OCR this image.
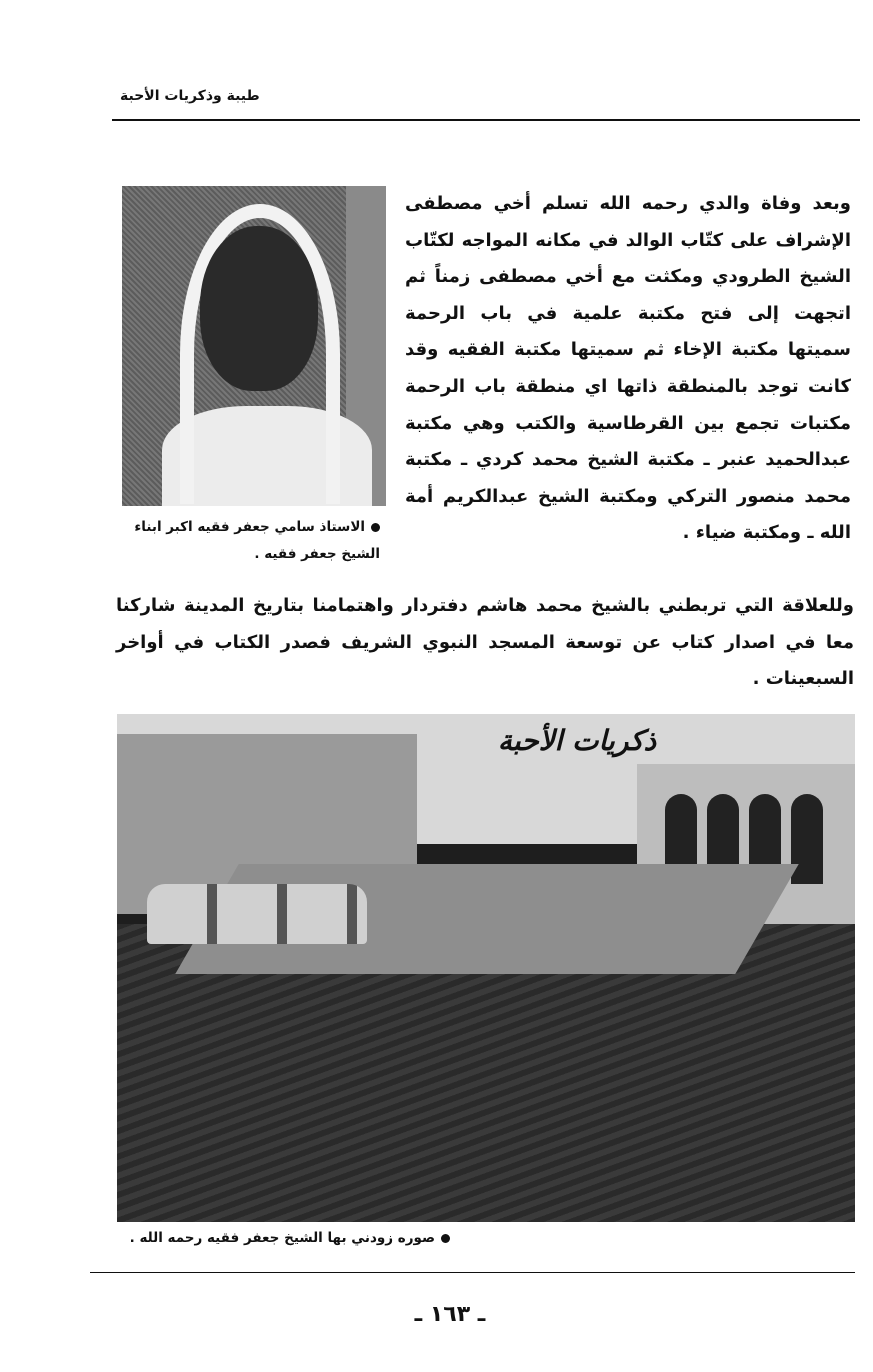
طيبة وذكريات الأحبة
الاستاذ سامي جعفر فقيه اكبر ابناء الشيخ جعفر فقيه .
وبعد وفاة والدي رحمه الله تسلم أخي مصطفى الإشراف على كتّاب الوالد في مكانه المواجه لكتّاب الشيخ الطرودي ومكثت مع أخي مصطفى زمناً ثم اتجهت إلى فتح مكتبة علمية في باب الرحمة سميتها مكتبة الإخاء ثم سميتها مكتبة الفقيه وقد كانت توجد بالمنطقة ذاتها اي منطقة باب الرحمة مكتبات تجمع بين القرطاسية والكتب وهي مكتبة عبدالحميد عنبر ـ مكتبة الشيخ محمد كردي ـ مكتبة محمد منصور التركي ومكتبة الشيخ عبدالكريم أمة الله ـ ومكتبة ضياء .
وللعلاقة التي تربطني بالشيخ محمد هاشم دفتردار واهتمامنا بتاريخ المدينة شاركنا معا في اصدار كتاب عن توسعة المسجد النبوي الشريف فصدر الكتاب في أواخر السبعينات .
ذكريات الأحبة
صوره زودني بها الشيخ جعفر فقيه رحمه الله .
ـ ١٦٣ ـ
